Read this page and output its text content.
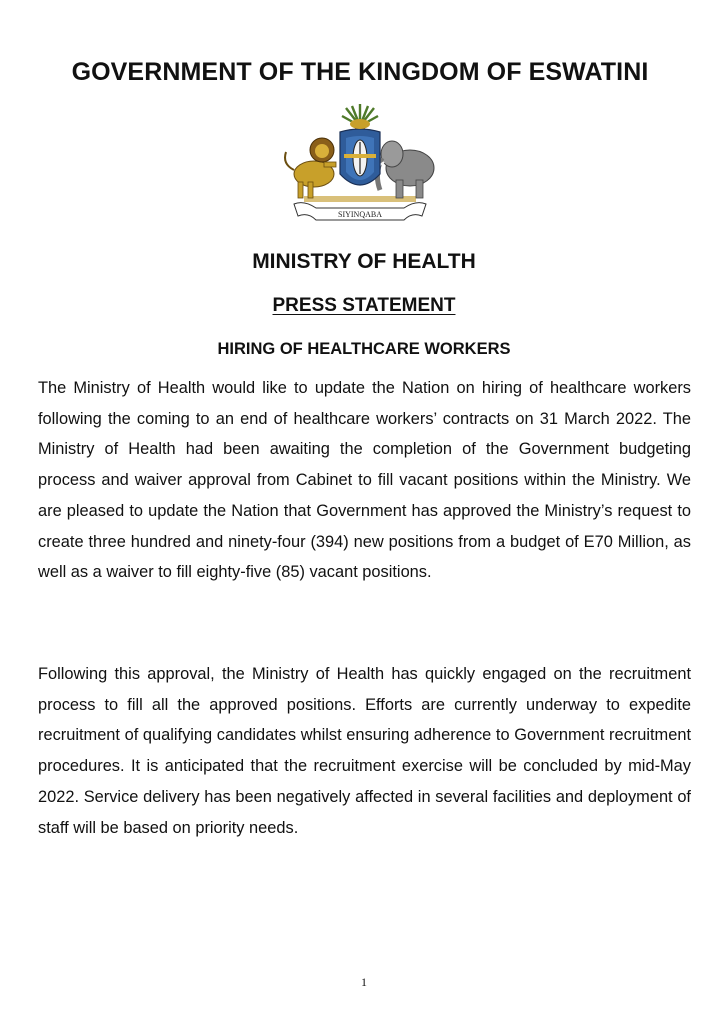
GOVERNMENT OF THE KINGDOM OF ESWATINI
SIYINQABA
MINISTRY OF HEALTH
PRESS STATEMENT
HIRING OF HEALTHCARE WORKERS

The Ministry of Health would like to update the Nation on hiring of healthcare workers following the coming to an end of healthcare workers’ contracts on 31 March 2022. The Ministry of Health had been awaiting the completion of the Government budgeting process and waiver approval from Cabinet to fill vacant positions within the Ministry. We are pleased to update the Nation that Government has approved the Ministry’s request to create three hundred and ninety-four (394) new positions from a budget of E70 Million, as well as a waiver to fill eighty-five (85) vacant positions.

Following this approval, the Ministry of Health has quickly engaged on the recruitment process to fill all the approved positions. Efforts are currently underway to expedite recruitment of qualifying candidates whilst ensuring adherence to Government recruitment procedures. It is anticipated that the recruitment exercise will be concluded by mid-May 2022. Service delivery has been negatively affected in several facilities and deployment of staff will be based on priority needs.

1
